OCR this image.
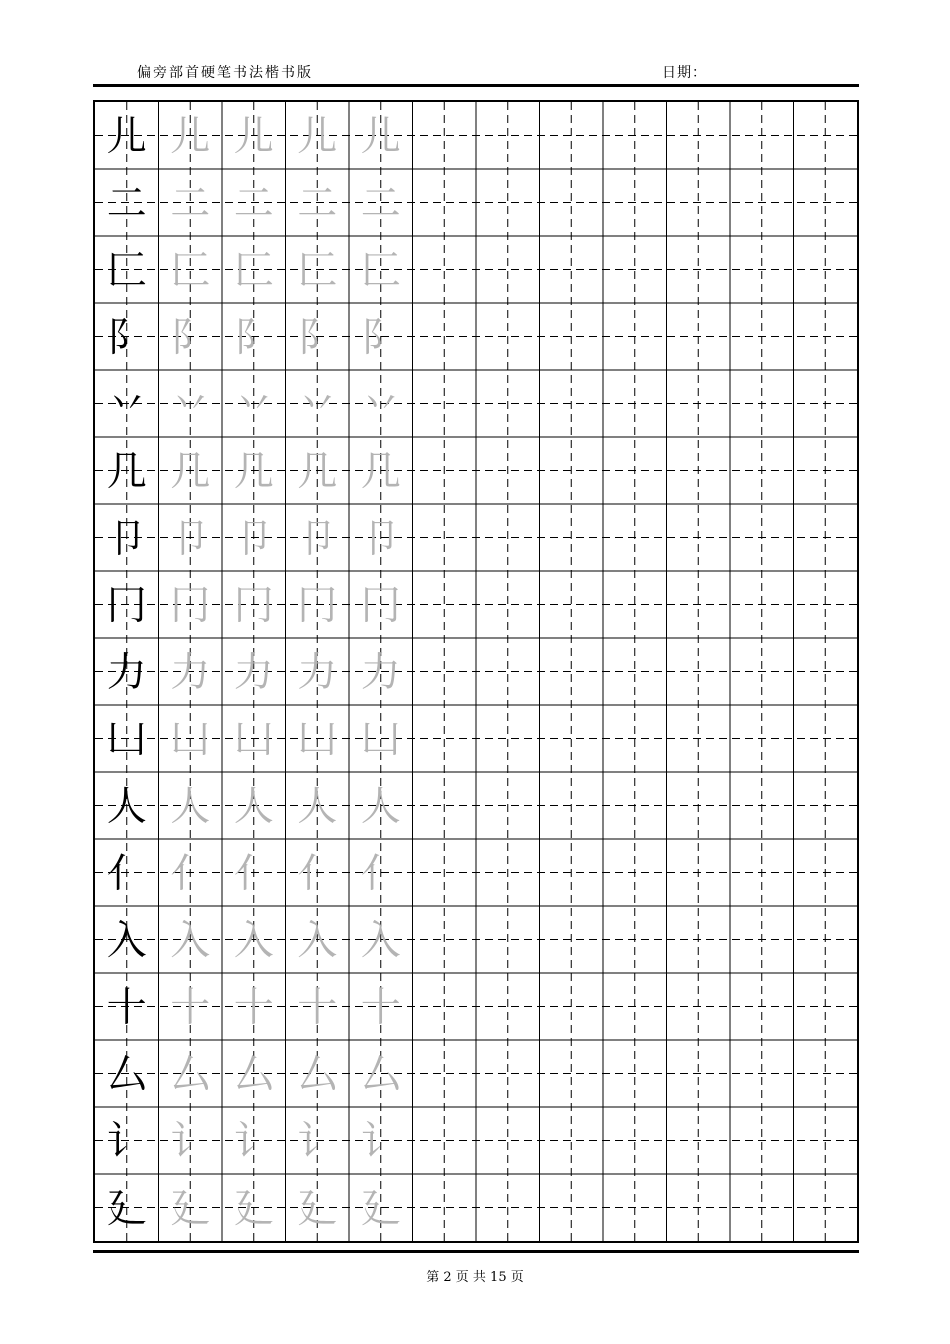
偏旁部首硬笔书法楷书版	日期：
儿 儿 儿 儿 儿
二 二 二 二 二
匚 匚 匚 匚 匚
阝 阝 阝 阝 阝
丷 丷 丷 丷 丷
几 几 几 几 几
卩 卩 卩 卩 卩
冂 冂 冂 冂 冂
力 力 力 力 力
凵 凵 凵 凵 凵
人 人 人 人 人
亻 亻 亻 亻 亻
入 入 入 入 入
十 十 十 十 十
厶 厶 厶 厶 厶
讠 讠 讠 讠 讠
廴 廴 廴 廴 廴
第 2 页 共 15 页
